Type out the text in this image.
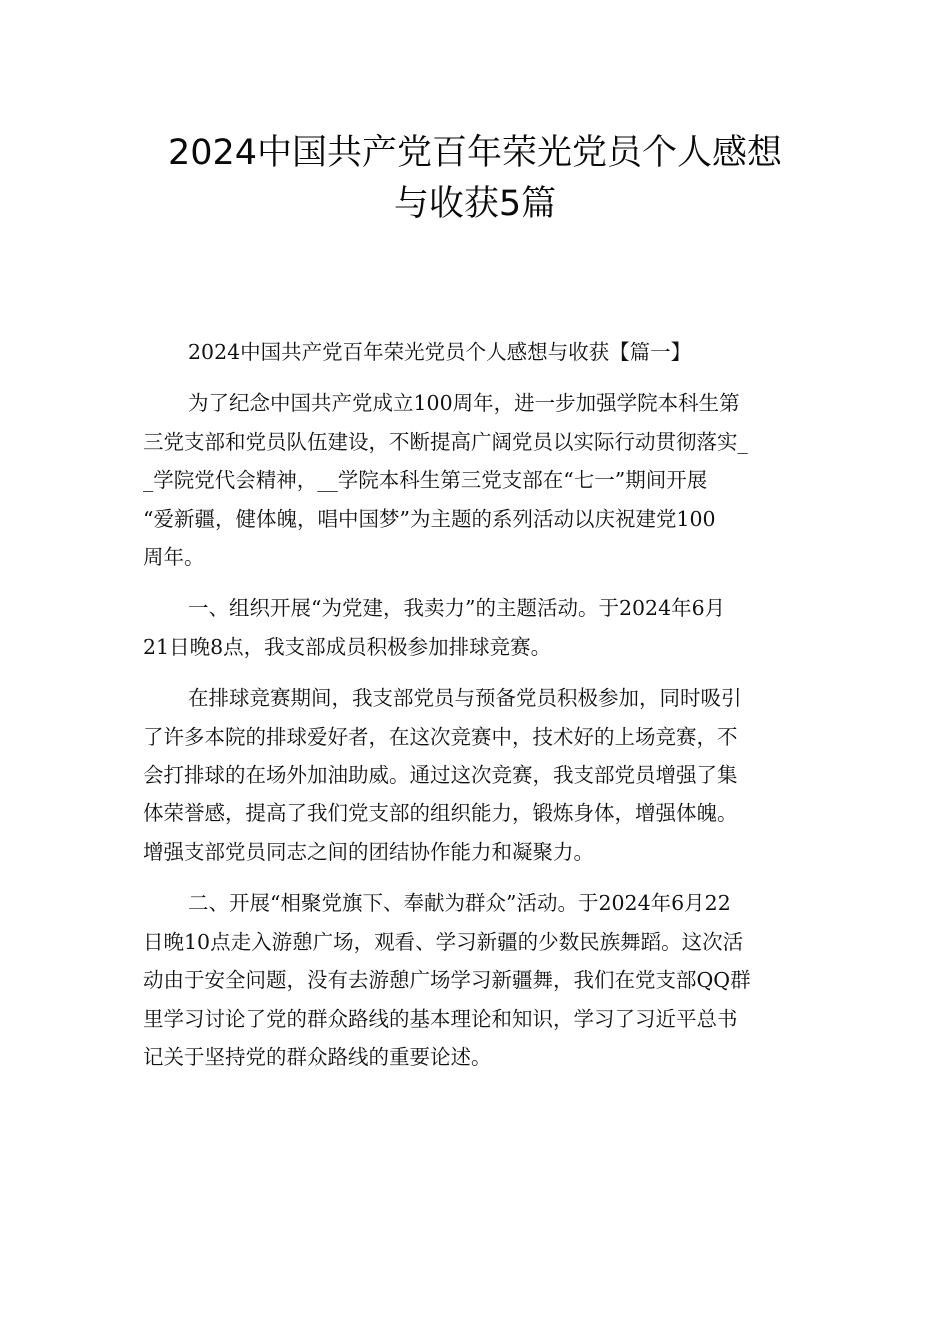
2024中国共产党百年荣光党员个人感想
与收获5篇

2024中国共产党百年荣光党员个人感想与收获【篇一】

为了纪念中国共产党成立100周年，进一步加强学院本科生第
三党支部和党员队伍建设，不断提高广阔党员以实际行动贯彻落实_
_学院党代会精神，__学院本科生第三党支部在“七一”期间开展
“爱新疆，健体魄，唱中国梦”为主题的系列活动以庆祝建党100
周年。

一、组织开展“为党建，我卖力”的主题活动。于2024年6月
21日晚8点，我支部成员积极参加排球竞赛。

在排球竞赛期间，我支部党员与预备党员积极参加，同时吸引
了许多本院的排球爱好者，在这次竞赛中，技术好的上场竞赛，不
会打排球的在场外加油助威。通过这次竞赛，我支部党员增强了集
体荣誉感，提高了我们党支部的组织能力，锻炼身体，增强体魄。
增强支部党员同志之间的团结协作能力和凝聚力。

二、开展“相聚党旗下、奉献为群众”活动。于2024年6月22
日晚10点走入游憩广场，观看、学习新疆的少数民族舞蹈。这次活
动由于安全问题，没有去游憩广场学习新疆舞，我们在党支部QQ群
里学习讨论了党的群众路线的基本理论和知识，学习了习近平总书
记关于坚持党的群众路线的重要论述。
